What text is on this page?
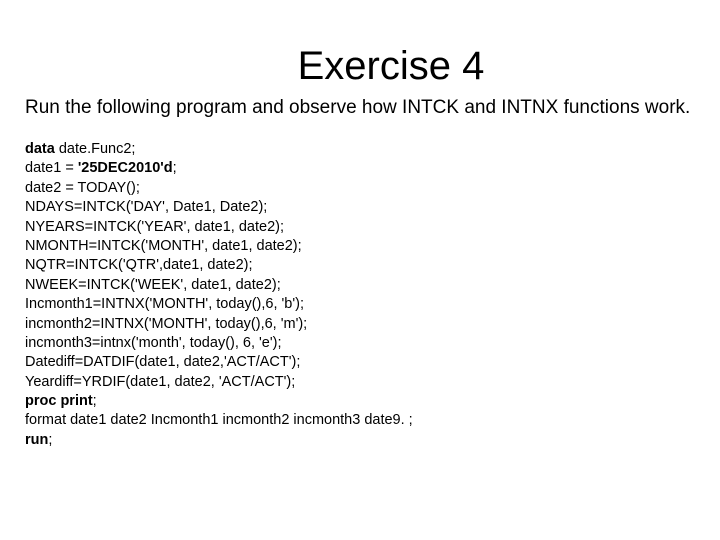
Exercise 4
Run the following program and observe how INTCK and INTNX functions work.
data date.Func2;
date1 = '25DEC2010'd;
date2 = TODAY();
NDAYS=INTCK('DAY', Date1, Date2);
NYEARS=INTCK('YEAR', date1, date2);
NMONTH=INTCK('MONTH', date1, date2);
NQTR=INTCK('QTR',date1, date2);
NWEEK=INTCK('WEEK', date1, date2);
Incmonth1=INTNX('MONTH', today(),6, 'b');
incmonth2=INTNX('MONTH', today(),6, 'm');
incmonth3=intnx('month', today(), 6, 'e');
Datediff=DATDIF(date1, date2,'ACT/ACT');
Yeardiff=YRDIF(date1, date2, 'ACT/ACT');
proc print;
format date1 date2 Incmonth1 incmonth2 incmonth3 date9. ;
run;
